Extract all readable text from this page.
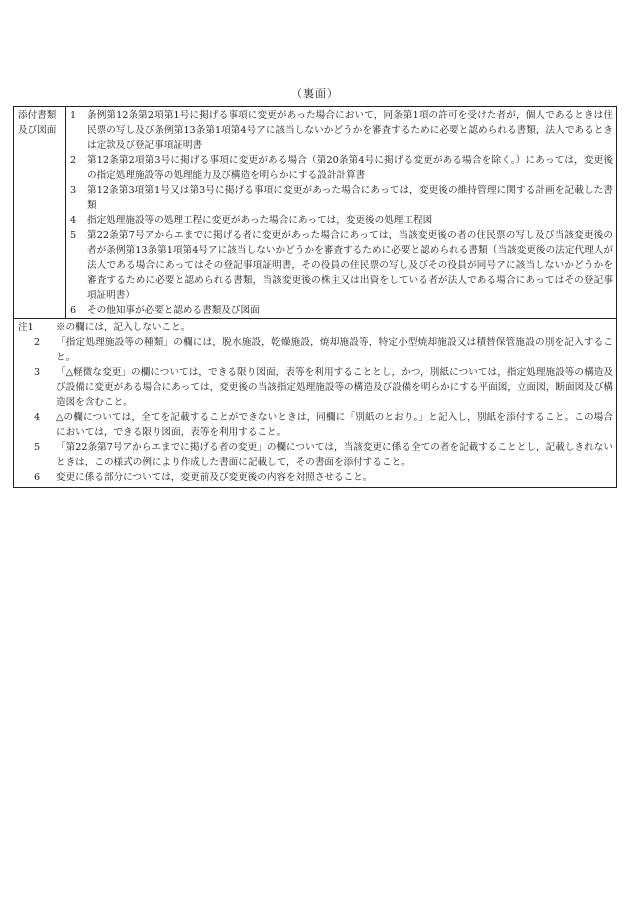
（裏面）
添付書類
及び図面
1	条例第12条第2項第1号に掲げる事項に変更があった場合において，同条第1項の許可を受けた者が，個人であるときは住民票の写し及び条例第13条第1項第4号アに該当しないかどうかを審査するために必要と認められる書類，法人であるときは定款及び登記事項証明書
2	第12条第2項第3号に掲げる事項に変更がある場合（第20条第4号に掲げる変更がある場合を除く。）にあっては，変更後の指定処理施設等の処理能力及び構造を明らかにする設計計算書
3	第12条第3項第1号又は第3号に掲げる事項に変更があった場合にあっては，変更後の維持管理に関する計画を記載した書類
4	指定処理施設等の処理工程に変更があった場合にあっては，変更後の処理工程図
5	第22条第7号アからエまでに掲げる者に変更があった場合にあっては，当該変更後の者の住民票の写し及び当該変更後の者が条例第13条第1項第4号アに該当しないかどうかを審査するために必要と認められる書類（当該変更後の法定代理人が法人である場合にあってはその登記事項証明書，その役員の住民票の写し及びその役員が同号アに該当しないかどうかを審査するために必要と認められる書類，当該変更後の株主又は出資をしている者が法人である場合にあってはその登記事項証明書）
6	その他知事が必要と認める書類及び図面
注1	※の欄には，記入しないこと。
2	「指定処理施設等の種類」の欄には，脱水施設，乾燥施設，焼却施設等，特定小型焼却施設又は積替保管施設の別を記入すること。
3	「△軽微な変更」の欄については，できる限り図面，表等を利用することとし，かつ，別紙については，指定処理施設等の構造及び設備に変更がある場合にあっては，変更後の当該指定処理施設等の構造及び設備を明らかにする平面図，立面図，断面図及び構造図を含むこと。
4	△の欄については，全てを記載することができないときは，同欄に「別紙のとおり。」と記入し，別紙を添付すること。この場合においては，できる限り図面，表等を利用すること。
5	「第22条第7号アからエまでに掲げる者の変更」の欄については，当該変更に係る全ての者を記載することとし，記載しきれないときは，この様式の例により作成した書面に記載して，その書面を添付すること。
6	変更に係る部分については，変更前及び変更後の内容を対照させること。
